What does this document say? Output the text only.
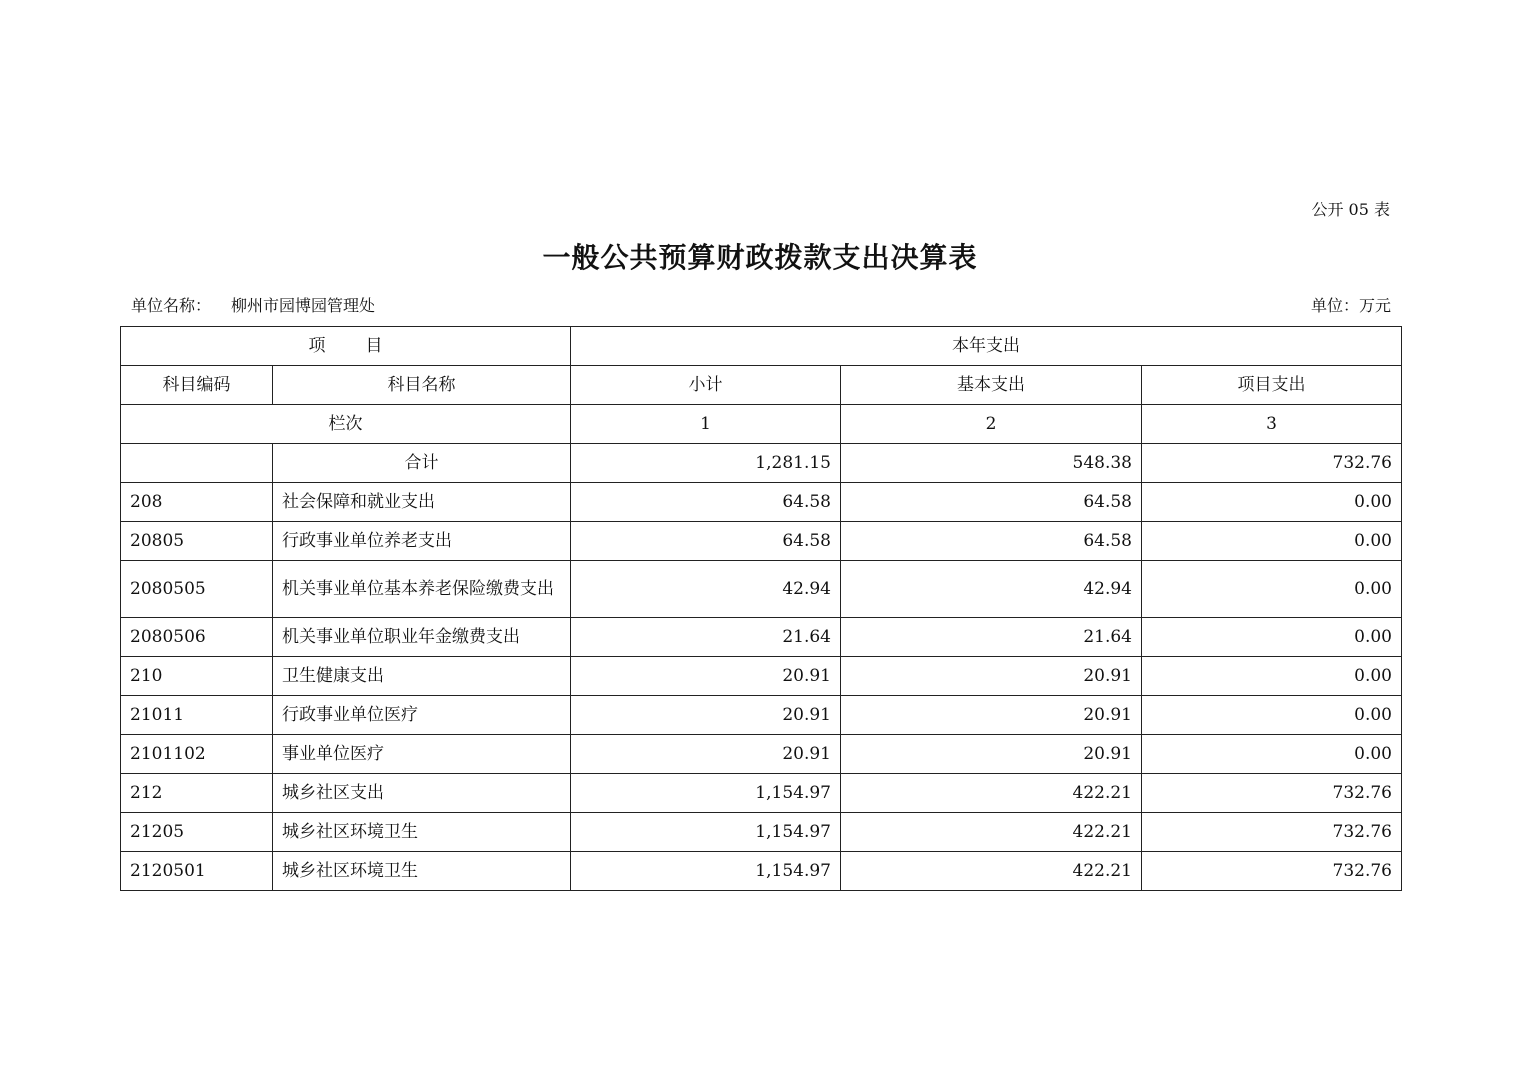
公开 05 表
一般公共预算财政拨款支出决算表
单位名称： 柳州市园博园管理处	单位：万元
项 目		本年支出		
科目编码	科目名称	小计	基本支出	项目支出
栏次		1	2	3
	合计	1,281.15	548.38	732.76
208	社会保障和就业支出	64.58	64.58	0.00
20805	行政事业单位养老支出	64.58	64.58	0.00
2080505	机关事业单位基本养老保险缴费支出	42.94	42.94	0.00
2080506	机关事业单位职业年金缴费支出	21.64	21.64	0.00
210	卫生健康支出	20.91	20.91	0.00
21011	行政事业单位医疗	20.91	20.91	0.00
2101102	事业单位医疗	20.91	20.91	0.00
212	城乡社区支出	1,154.97	422.21	732.76
21205	城乡社区环境卫生	1,154.97	422.21	732.76
2120501	城乡社区环境卫生	1,154.97	422.21	732.76
